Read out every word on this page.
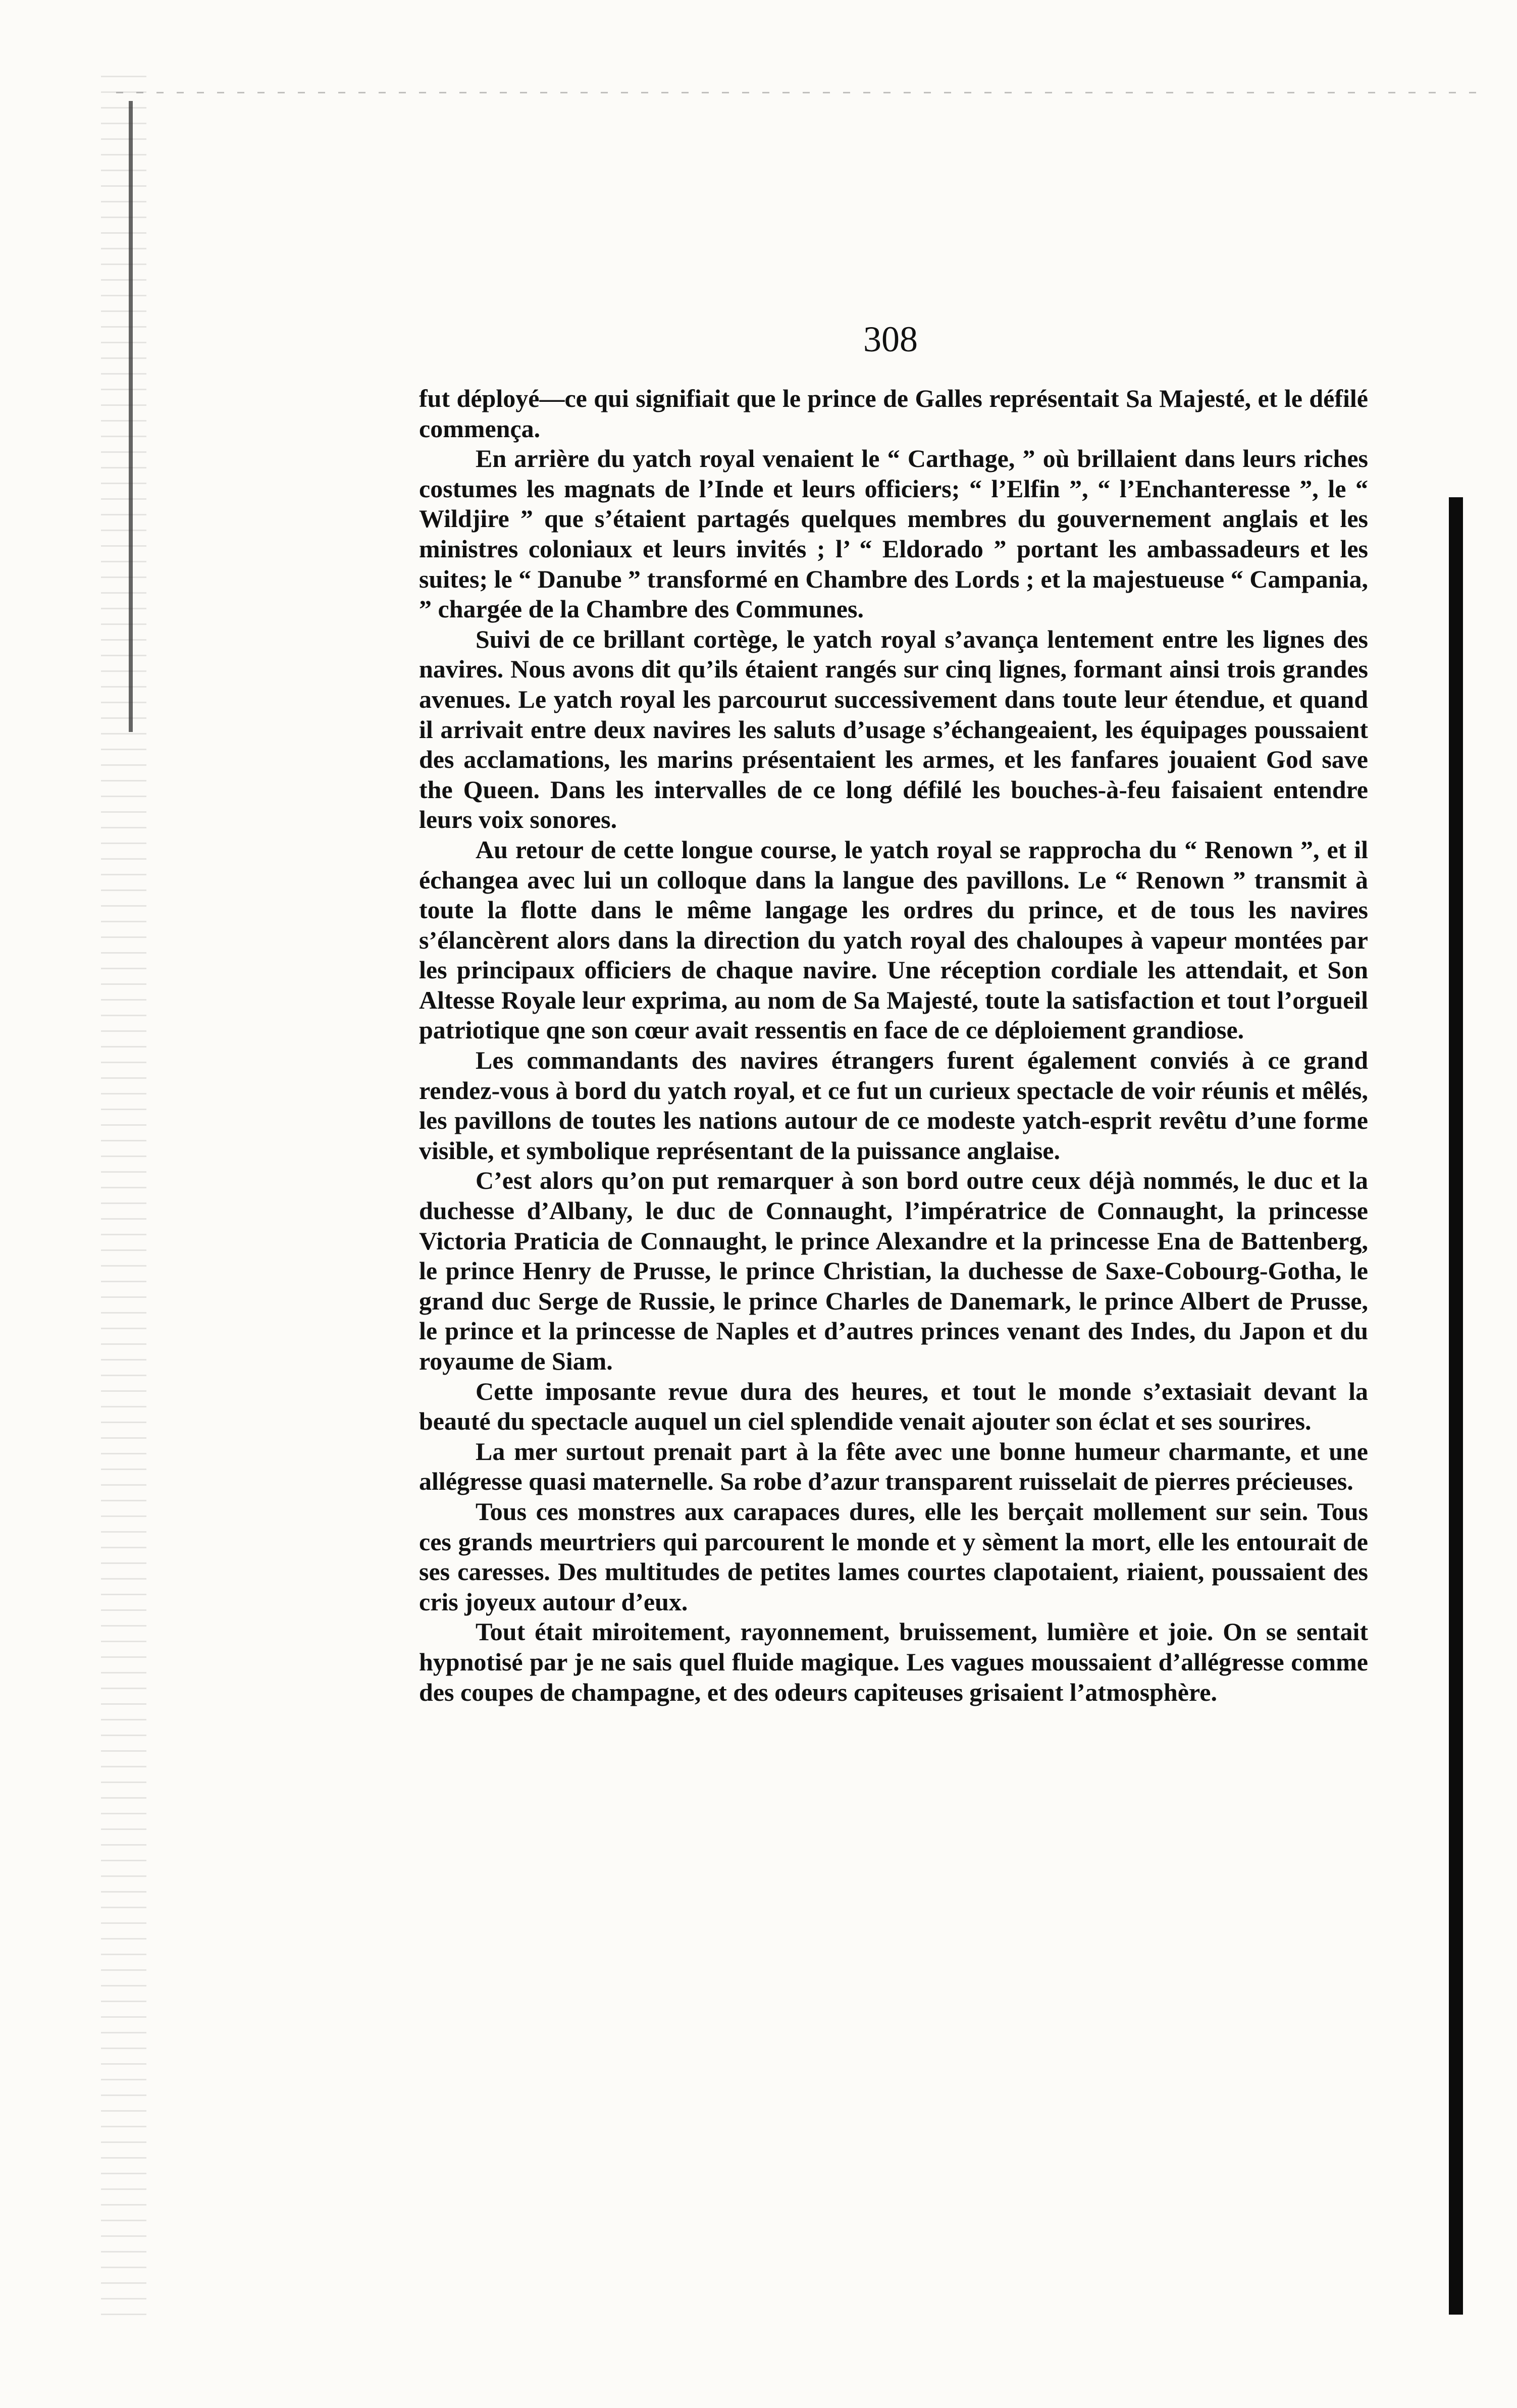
308

fut déployé—ce qui signifiait que le prince de Galles représentait Sa Majesté, et le défilé commença.

En arrière du yatch royal venaient le “ Carthage, ” où brillaient dans leurs riches costumes les magnats de l’Inde et leurs officiers; “ l’Elfin ”, “ l’Enchanteresse ”, le “ Wildjire ” que s’étaient partagés quelques membres du gouvernement anglais et les ministres coloniaux et leurs invités ; l’ “ Eldorado ” portant les ambassadeurs et les suites; le “ Danube ” transformé en Chambre des Lords ; et la majestueuse “ Campania, ” chargée de la Chambre des Communes.

Suivi de ce brillant cortège, le yatch royal s’avança lentement entre les lignes des navires. Nous avons dit qu’ils étaient rangés sur cinq lignes, formant ainsi trois grandes avenues. Le yatch royal les parcourut successivement dans toute leur étendue, et quand il arrivait entre deux navires les saluts d’usage s’échangeaient, les équipages poussaient des acclamations, les marins présentaient les armes, et les fanfares jouaient God save the Queen. Dans les intervalles de ce long défilé les bouches-à-feu faisaient entendre leurs voix sonores.

Au retour de cette longue course, le yatch royal se rapprocha du “ Renown ”, et il échangea avec lui un colloque dans la langue des pavillons. Le “ Renown ” transmit à toute la flotte dans le même langage les ordres du prince, et de tous les navires s’élancèrent alors dans la direction du yatch royal des chaloupes à vapeur montées par les principaux officiers de chaque navire. Une réception cordiale les attendait, et Son Altesse Royale leur exprima, au nom de Sa Majesté, toute la satisfaction et tout l’orgueil patriotique qne son cœur avait ressentis en face de ce déploiement grandiose.

Les commandants des navires étrangers furent également conviés à ce grand rendez-vous à bord du yatch royal, et ce fut un curieux spectacle de voir réunis et mêlés, les pavillons de toutes les nations autour de ce modeste yatch-esprit revêtu d’une forme visible, et symbolique représentant de la puissance anglaise.

C’est alors qu’on put remarquer à son bord outre ceux déjà nommés, le duc et la duchesse d’Albany, le duc de Connaught, l’impératrice de Connaught, la princesse Victoria Praticia de Connaught, le prince Alexandre et la princesse Ena de Battenberg, le prince Henry de Prusse, le prince Christian, la duchesse de Saxe-Cobourg-Gotha, le grand duc Serge de Russie, le prince Charles de Danemark, le prince Albert de Prusse, le prince et la princesse de Naples et d’autres princes venant des Indes, du Japon et du royaume de Siam.

Cette imposante revue dura des heures, et tout le monde s’extasiait devant la beauté du spectacle auquel un ciel splendide venait ajouter son éclat et ses sourires.

La mer surtout prenait part à la fête avec une bonne humeur charmante, et une allégresse quasi maternelle. Sa robe d’azur transparent ruisselait de pierres précieuses.

Tous ces monstres aux carapaces dures, elle les berçait mollement sur sein. Tous ces grands meurtriers qui parcourent le monde et y sèment la mort, elle les entourait de ses caresses. Des multitudes de petites lames courtes clapotaient, riaient, poussaient des cris joyeux autour d’eux.

Tout était miroitement, rayonnement, bruissement, lumière et joie. On se sentait hypnotisé par je ne sais quel fluide magique. Les vagues moussaient d’allégresse comme des coupes de champagne, et des odeurs capiteuses grisaient l’atmosphère.
